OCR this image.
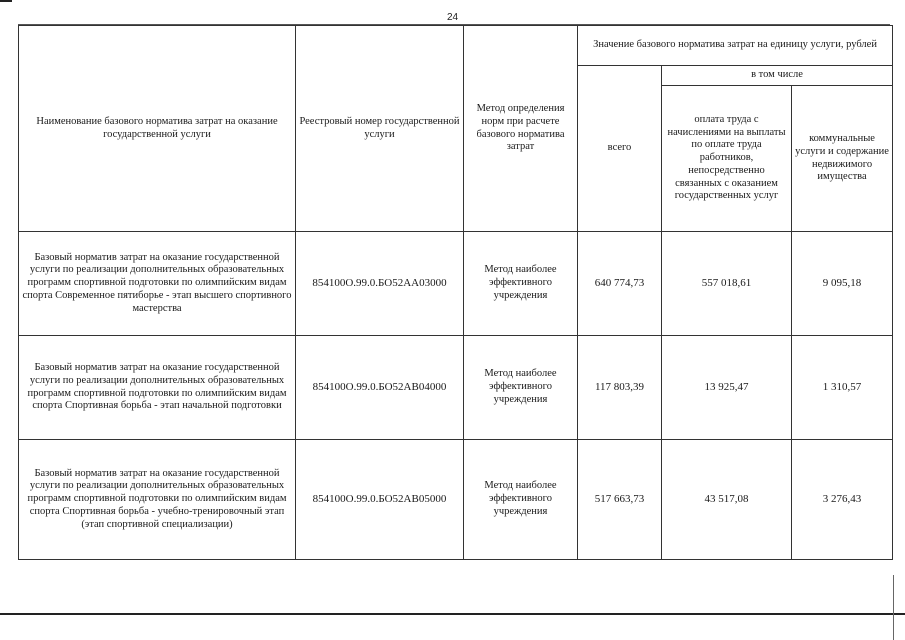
24
Наименование базового норматива затрат на оказание государственной услуги	Реестровый номер государственной услуги	Метод определения норм при расчете базового норматива затрат	Значение базового норматива затрат на единицу услуги, рублей		
			всего	в том числе	
				оплата труда с начислениями на выплаты по оплате труда работников, непосредственно связанных с оказанием государственных услуг	коммунальные услуги и содержание недвижимого имущества
Базовый норматив затрат на оказание государственной услуги по реализации дополнительных образовательных программ спортивной подготовки по олимпийским видам спорта Современное пятиборье - этап высшего спортивного мастерства	854100О.99.0.БО52АА03000	Метод наиболее эффективного учреждения	640 774,73	557 018,61	9 095,18
Базовый норматив затрат на оказание государственной услуги по реализации дополнительных образовательных программ спортивной подготовки по олимпийским видам спорта Спортивная борьба - этап начальной подготовки	854100О.99.0.БО52АВ04000	Метод наиболее эффективного учреждения	117 803,39	13 925,47	1 310,57
Базовый норматив затрат на оказание государственной услуги по реализации дополнительных образовательных программ спортивной подготовки по олимпийским видам спорта Спортивная борьба - учебно-тренировочный этап (этап спортивной специализации)	854100О.99.0.БО52АВ05000	Метод наиболее эффективного учреждения	517 663,73	43 517,08	3 276,43
